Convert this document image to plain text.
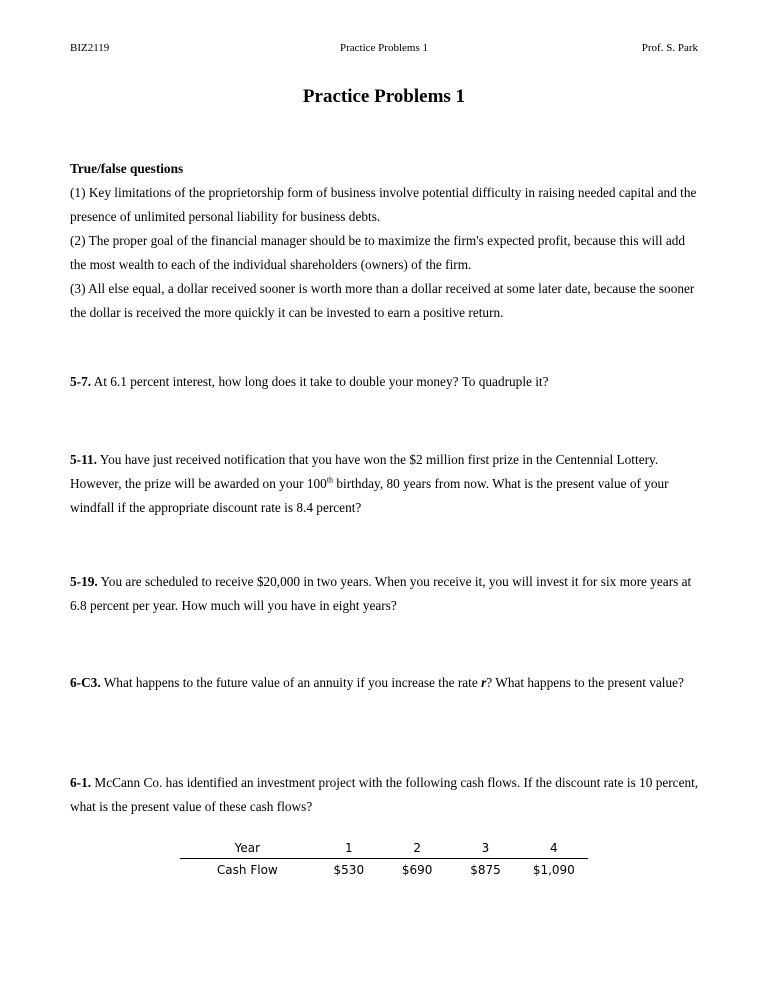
BIZ2119	Practice Problems 1	Prof. S. Park
Practice Problems 1

True/false questions

(1) Key limitations of the proprietorship form of business involve potential difficulty in raising needed capital and the presence of unlimited personal liability for business debts.

(2) The proper goal of the financial manager should be to maximize the firm's expected profit, because this will add the most wealth to each of the individual shareholders (owners) of the firm.

(3) All else equal, a dollar received sooner is worth more than a dollar received at some later date, because the sooner the dollar is received the more quickly it can be invested to earn a positive return.

5-7. At 6.1 percent interest, how long does it take to double your money? To quadruple it?

5-11. You have just received notification that you have won the $2 million first prize in the Centennial Lottery. However, the prize will be awarded on your 100th birthday, 80 years from now. What is the present value of your windfall if the appropriate discount rate is 8.4 percent?

5-19. You are scheduled to receive $20,000 in two years. When you receive it, you will invest it for six more years at 6.8 percent per year. How much will you have in eight years?

6-C3. What happens to the future value of an annuity if you increase the rate r? What happens to the present value?

6-1. McCann Co. has identified an investment project with the following cash flows. If the discount rate is 10 percent, what is the present value of these cash flows?

Year	1	2	3	4
Cash Flow	$530	$690	$875	$1,090
